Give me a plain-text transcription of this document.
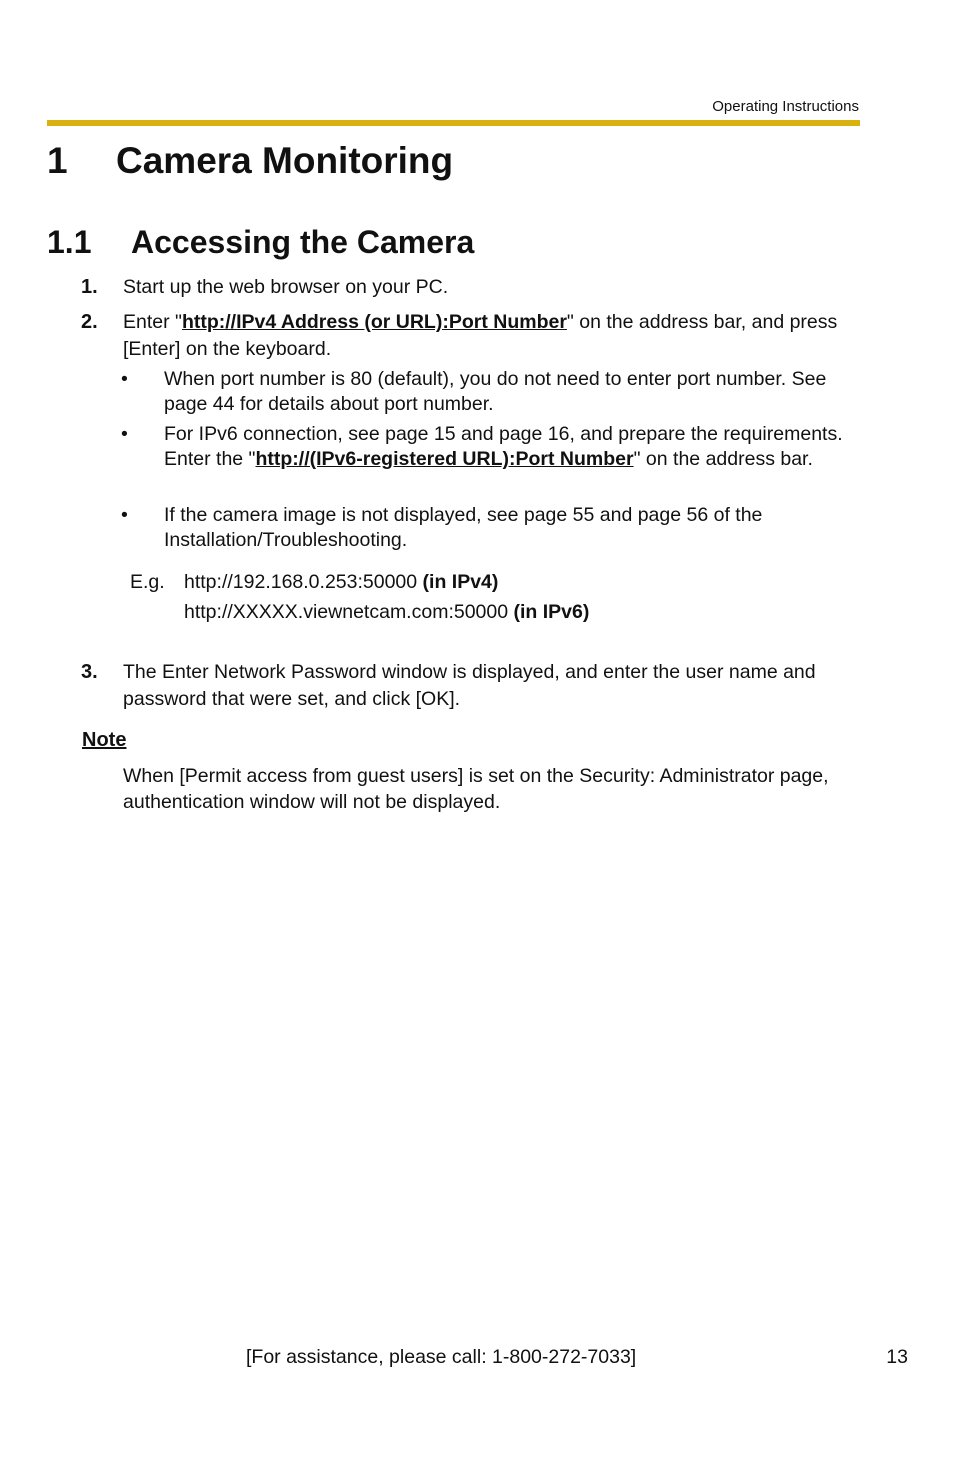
Operating Instructions
1	Camera Monitoring
1.1	Accessing the Camera
1. Start up the web browser on your PC.
2. Enter "http://IPv4 Address (or URL):Port Number" on the address bar, and press [Enter] on the keyboard.
• When port number is 80 (default), you do not need to enter port number. See page 44 for details about port number.
• For IPv6 connection, see page 15 and page 16, and prepare the requirements. Enter the "http://(IPv6-registered URL):Port Number" on the address bar.
• If the camera image is not displayed, see page 55 and page 56 of the Installation/Troubleshooting.
E.g. http://192.168.0.253:50000 (in IPv4)
http://XXXXX.viewnetcam.com:50000 (in IPv6)
3. The Enter Network Password window is displayed, and enter the user name and password that were set, and click [OK].
Note
When [Permit access from guest users] is set on the Security: Administrator page, authentication window will not be displayed.
[For assistance, please call: 1-800-272-7033]	13
